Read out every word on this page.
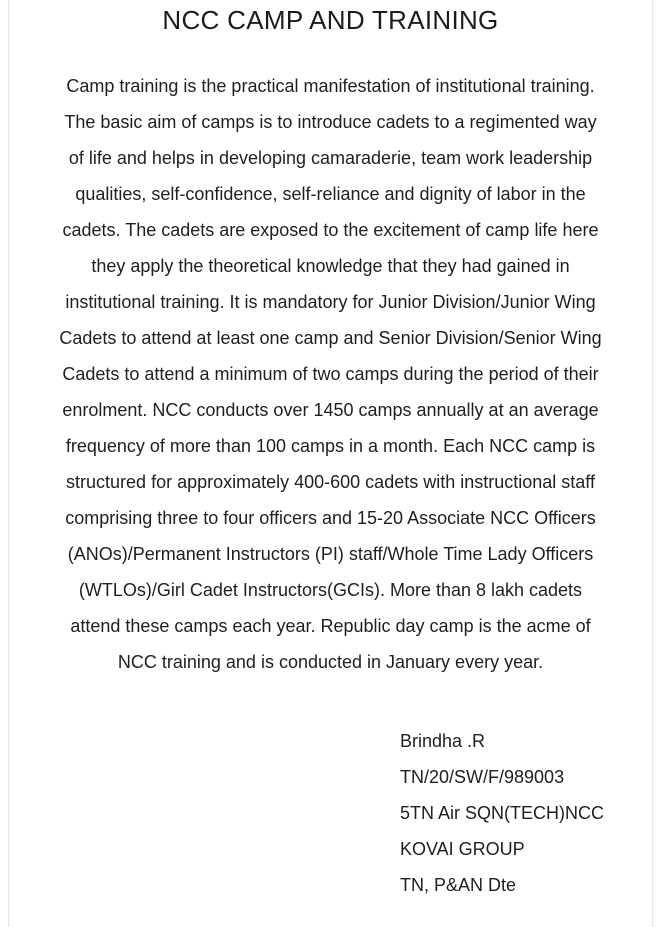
NCC CAMP AND TRAINING
Camp training is the practical manifestation of institutional training.
The basic aim of camps is to introduce cadets to a regimented way
of life and helps in developing camaraderie, team work leadership
qualities, self-confidence, self-reliance and dignity of labor in the
cadets. The cadets are exposed to the excitement of camp life here
they apply the theoretical knowledge that they had gained in
institutional training. It is mandatory for Junior Division/Junior Wing
Cadets to attend at least one camp and Senior Division/Senior Wing
Cadets to attend a minimum of two camps during the period of their
enrolment. NCC conducts over 1450 camps annually at an average
frequency of more than 100 camps in a month. Each NCC camp is
structured for approximately 400-600 cadets with instructional staff
comprising three to four officers and 15-20 Associate NCC Officers
(ANOs)/Permanent Instructors (PI) staff/Whole Time Lady Officers
(WTLOs)/Girl Cadet Instructors(GCIs). More than 8 lakh cadets
attend these camps each year. Republic day camp is the acme of
NCC training and is conducted in January every year.
Brindha .R
TN/20/SW/F/989003
5TN Air SQN(TECH)NCC
KOVAI GROUP
TN, P&AN Dte
